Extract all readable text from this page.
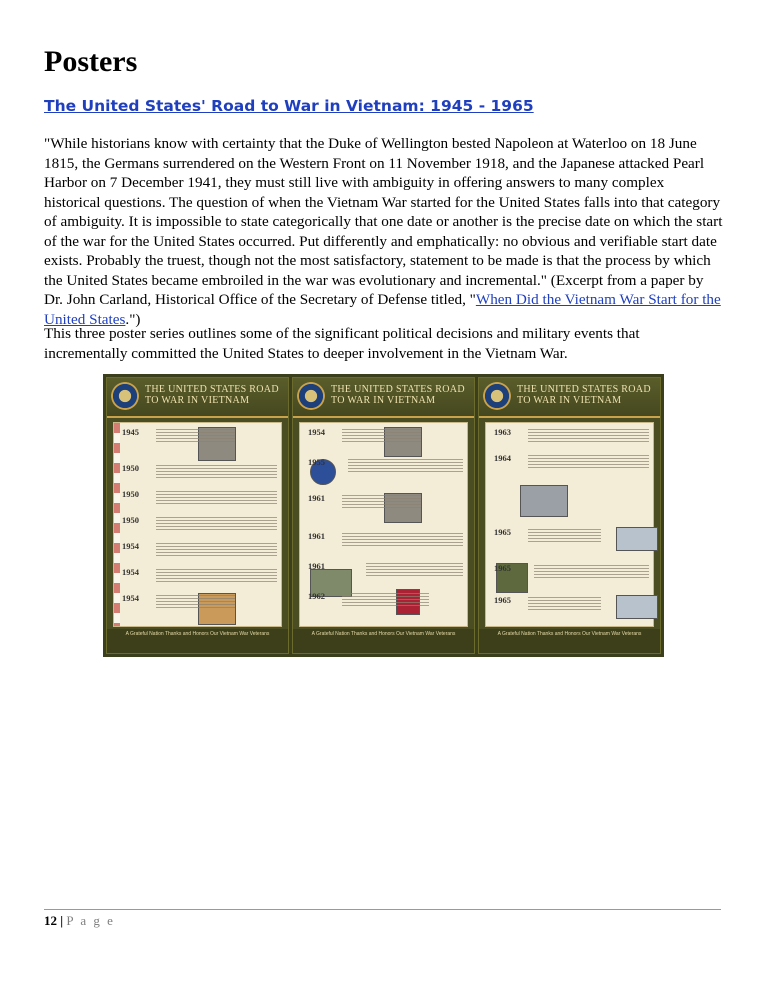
Posters
The United States' Road to War in Vietnam: 1945 - 1965

"While historians know with certainty that the Duke of Wellington bested Napoleon at Waterloo on 18 June 1815, the Germans surrendered on the Western Front on 11 November 1918, and the Japanese attacked Pearl Harbor on 7 December 1941, they must still live with ambiguity in offering answers to many complex historical questions. The question of when the Vietnam War started for the United States falls into that category of ambiguity. It is impossible to state categorically that one date or another is the precise date on which the start of the war for the United States occurred. Put differently and emphatically: no obvious and verifiable start date exists. Probably the truest, though not the most satisfactory, statement to be made is that the process by which the United States became embroiled in the war was evolutionary and incremental." (Excerpt from a paper by Dr. John Carland, Historical Office of the Secretary of Defense titled, "When Did the Vietnam War Start for the United States.")

This three poster series outlines some of the significant political decisions and military events that incrementally committed the United States to deeper involvement in the Vietnam War.

THE UNITED STATES ROAD TO WAR IN VIETNAM
1945
1950
1950
1950
1954
1954
1954
A Grateful Nation Thanks and Honors Our Vietnam War Veterans
THE UNITED STATES ROAD TO WAR IN VIETNAM
1954
1955
1961
1961
1961
1962
A Grateful Nation Thanks and Honors Our Vietnam War Veterans
THE UNITED STATES ROAD TO WAR IN VIETNAM
1963
1964
1965
1965
1965
A Grateful Nation Thanks and Honors Our Vietnam War Veterans
12 | P a g e
